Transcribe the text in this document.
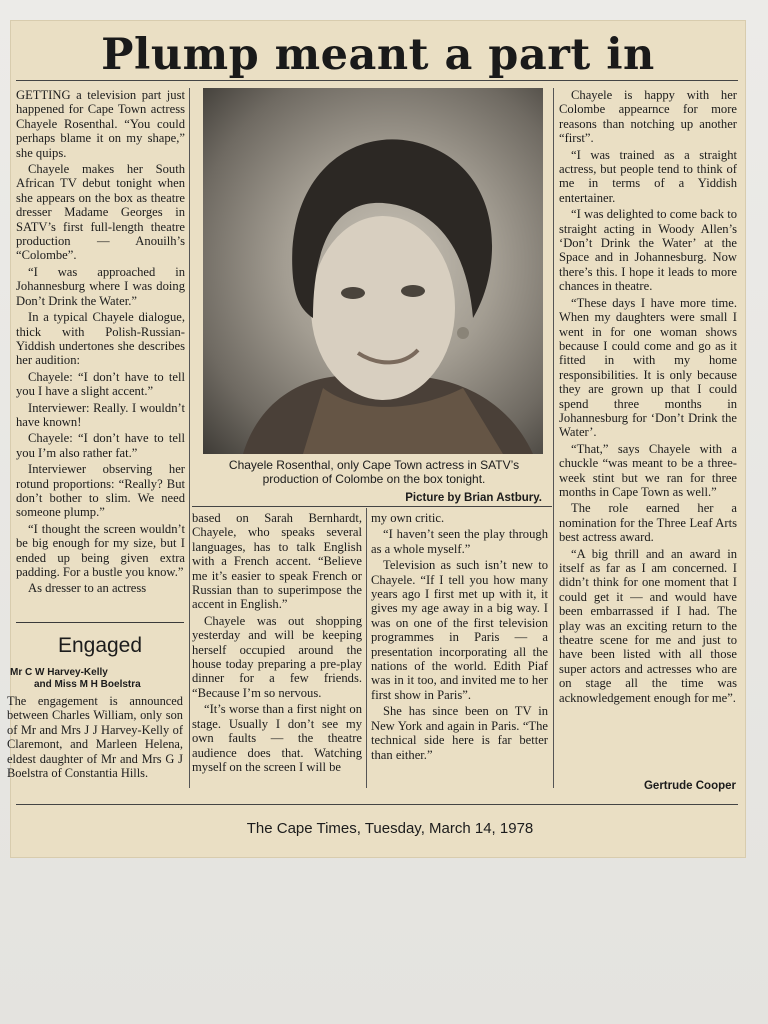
Plump meant a part in

GETTING a television part just happened for Cape Town actress Chayele Rosenthal. “You could perhaps blame it on my shape,” she quips.

Chayele makes her South African TV debut tonight when she appears on the box as theatre dresser Madame Georges in SATV’s first full-length theatre production — Anouilh’s “Colombe”.

“I was approached in Johannesburg where I was doing Don’t Drink the Water.”

In a typical Chayele dialogue, thick with Polish-Russian-Yiddish undertones she describes her audition:

Chayele: “I don’t have to tell you I have a slight accent.”

Interviewer: Really. I wouldn’t have known!

Chayele: “I don’t have to tell you I’m also rather fat.”

Interviewer observing her rotund proportions: “Really? But don’t bother to slim. We need someone plump.”

“I thought the screen wouldn’t be big enough for my size, but I ended up being given extra padding. For a bustle you know.”

As dresser to an actress

Chayele Rosenthal, only Cape Town actress in SATV’s
production of Colombe on the box tonight.
Picture by Brian Astbury.

based on Sarah Bernhardt, Chayele, who speaks several languages, has to talk English with a French accent. “Believe me it’s easier to speak French or Russian than to superimpose the accent in English.”

Chayele was out shopping yesterday and will be keeping herself occupied around the house today preparing a pre-play dinner for a few friends. “Because I’m so nervous.

“It’s worse than a first night on stage. Usually I don’t see my own faults — the theatre audience does that. Watching myself on the screen I will be

my own critic.

“I haven’t seen the play through as a whole myself.”

Television as such isn’t new to Chayele. “If I tell you how many years ago I first met up with it, it gives my age away in a big way. I was on one of the first television programmes in Paris — a presentation incorporating all the nations of the world. Edith Piaf was in it too, and invited me to her first show in Paris”.

She has since been on TV in New York and again in Paris. “The technical side here is far better than either.”

Chayele is happy with her Colombe appearnce for more reasons than notching up another “first”.

“I was trained as a straight actress, but people tend to think of me in terms of a Yiddish entertainer.

“I was delighted to come back to straight acting in Woody Allen’s ‘Don’t Drink the Water’ at the Space and in Johannesburg. Now there’s this. I hope it leads to more chances in theatre.

“These days I have more time. When my daughters were small I went in for one woman shows because I could come and go as it fitted in with my home responsibilities. It is only because they are grown up that I could spend three months in Johannesburg for ‘Don’t Drink the Water’.

“That,” says Chayele with a chuckle “was meant to be a three-week stint but we ran for three months in Cape Town as well.”

The role earned her a nomination for the Three Leaf Arts best actress award.

“A big thrill and an award in itself as far as I am concerned. I didn’t think for one moment that I could get it — and would have been embarrassed if I had. The play was an exciting return to the theatre scene for me and just to have been listed with all those super actors and actresses who are on stage all the time was acknowledgement enough for me”.

Engaged
Mr C W Harvey-Kelly
and Miss M H Boelstra
The engagement is announced between Charles William, only son of Mr and Mrs J J Harvey-Kelly of Claremont, and Marleen Helena, eldest daughter of Mr and Mrs G J Boelstra of Constantia Hills.
Gertrude Cooper
The Cape Times, Tuesday, March 14, 1978
